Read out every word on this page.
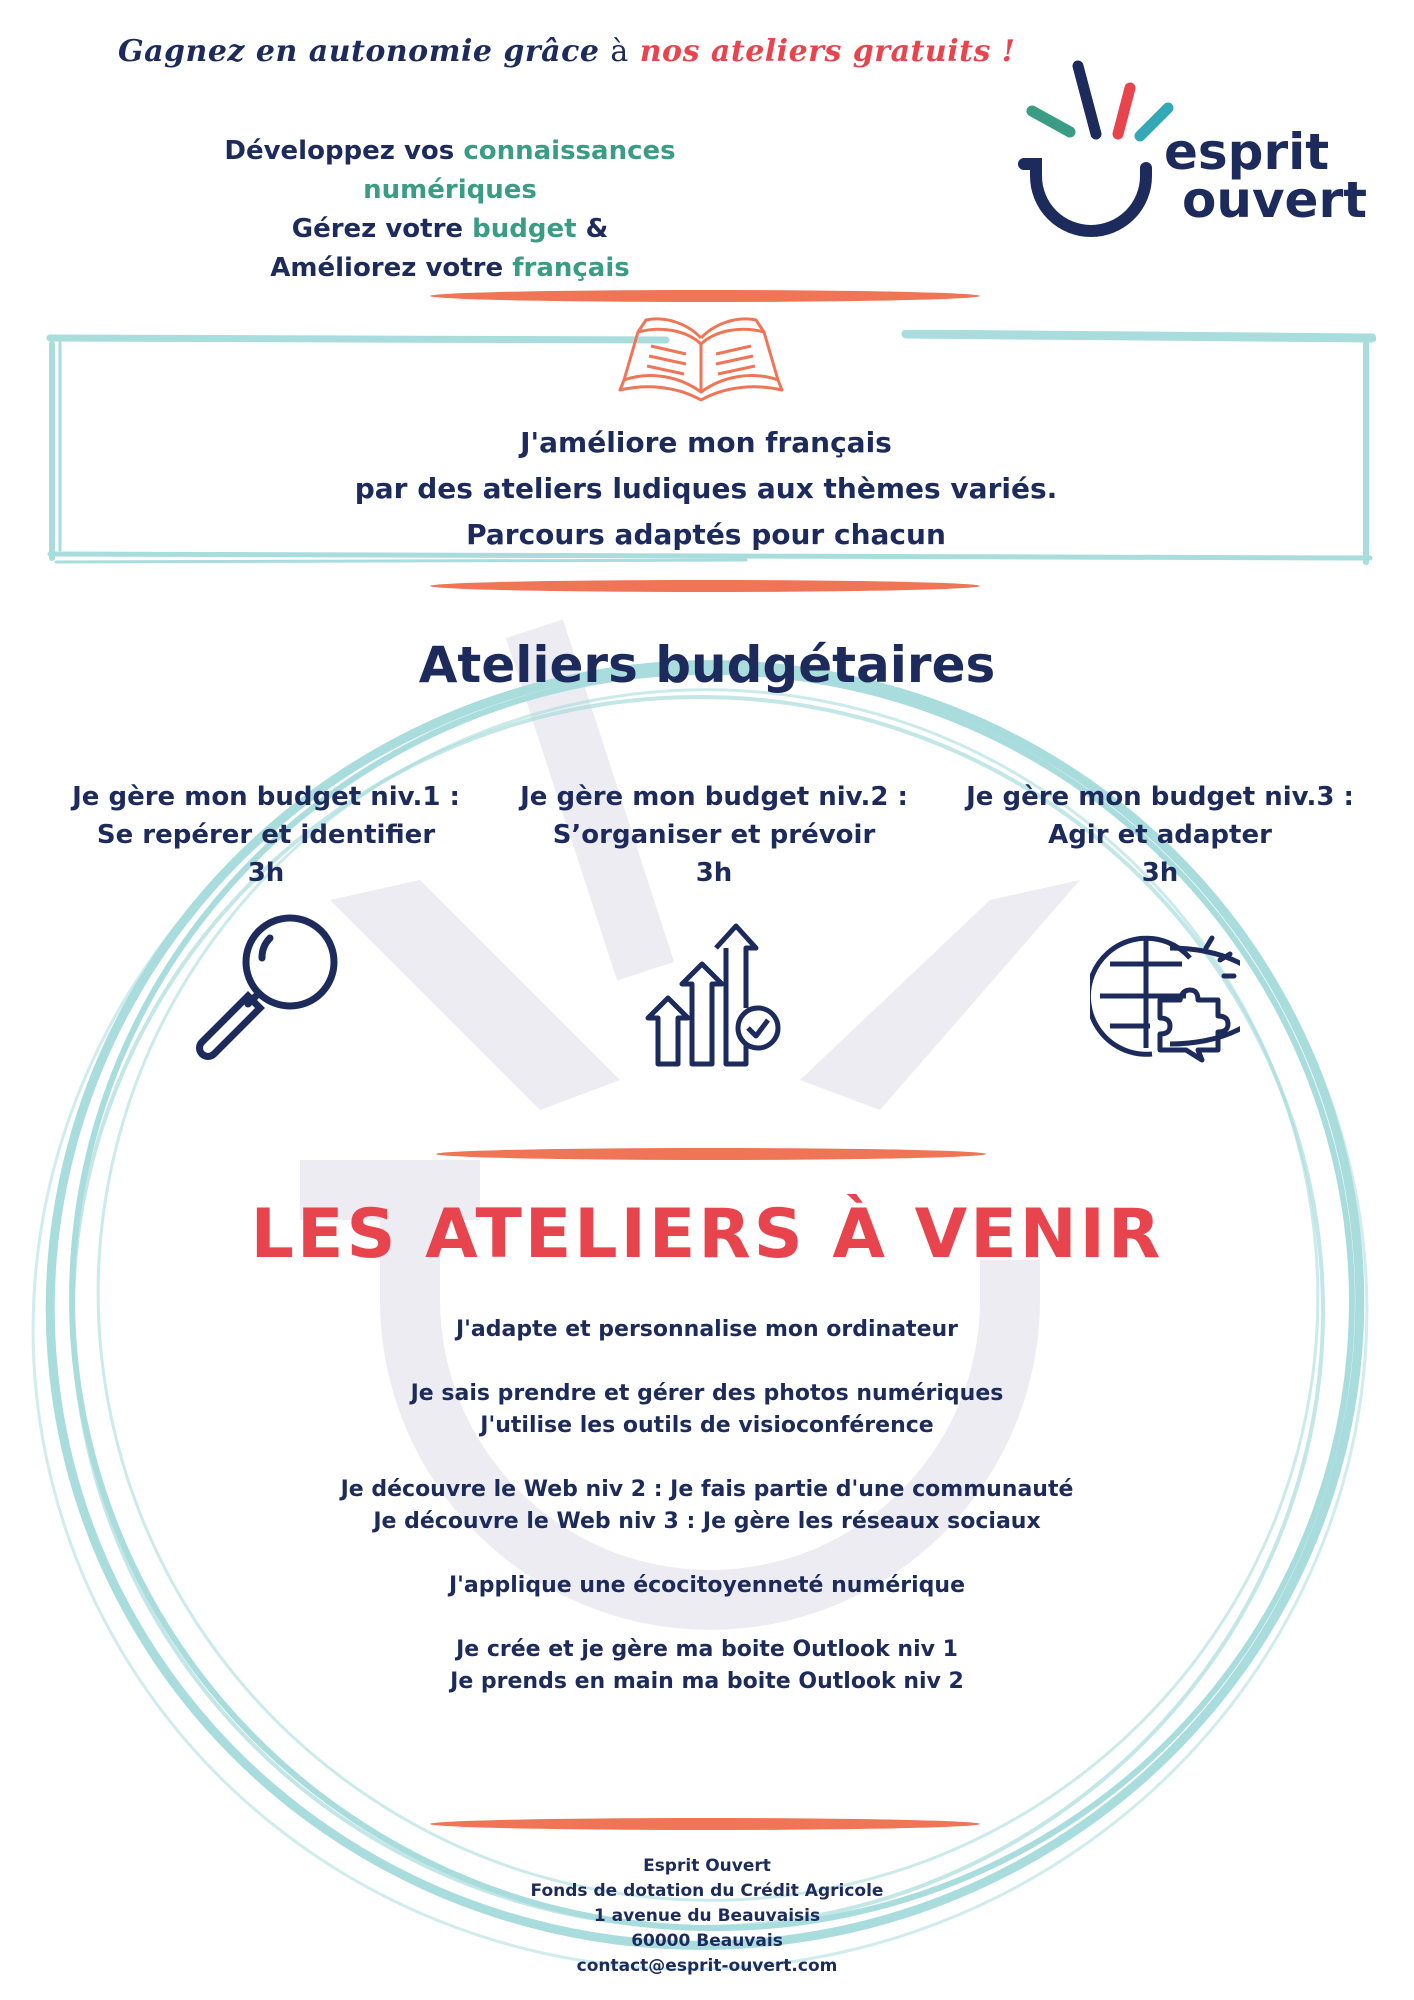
Gagnez en autonomie grâce à nos ateliers gratuits !
Développez vos connaissances numériques
Gérez votre budget &
Améliorez votre français
esprit
ouvert
J'améliore mon français
par des ateliers ludiques aux thèmes variés.
Parcours adaptés pour chacun
Ateliers budgétaires
Je gère mon budget niv.1 :
Se repérer et identifier
3h
Je gère mon budget niv.2 :
S’organiser et prévoir
3h
Je gère mon budget niv.3 :
Agir et adapter
3h
LES ATELIERS À VENIR
J'adapte et personnalise mon ordinateur
Je sais prendre et gérer des photos numériques
J'utilise les outils de visioconférence
Je découvre le Web niv 2 : Je fais partie d'une communauté
Je découvre le Web niv 3 : Je gère les réseaux sociaux
J'applique une écocitoyenneté numérique
Je crée et je gère ma boite Outlook niv 1
Je prends en main ma boite Outlook niv 2
Esprit Ouvert
Fonds de dotation du Crédit Agricole
1 avenue du Beauvaisis
60000 Beauvais
contact@esprit-ouvert.com
